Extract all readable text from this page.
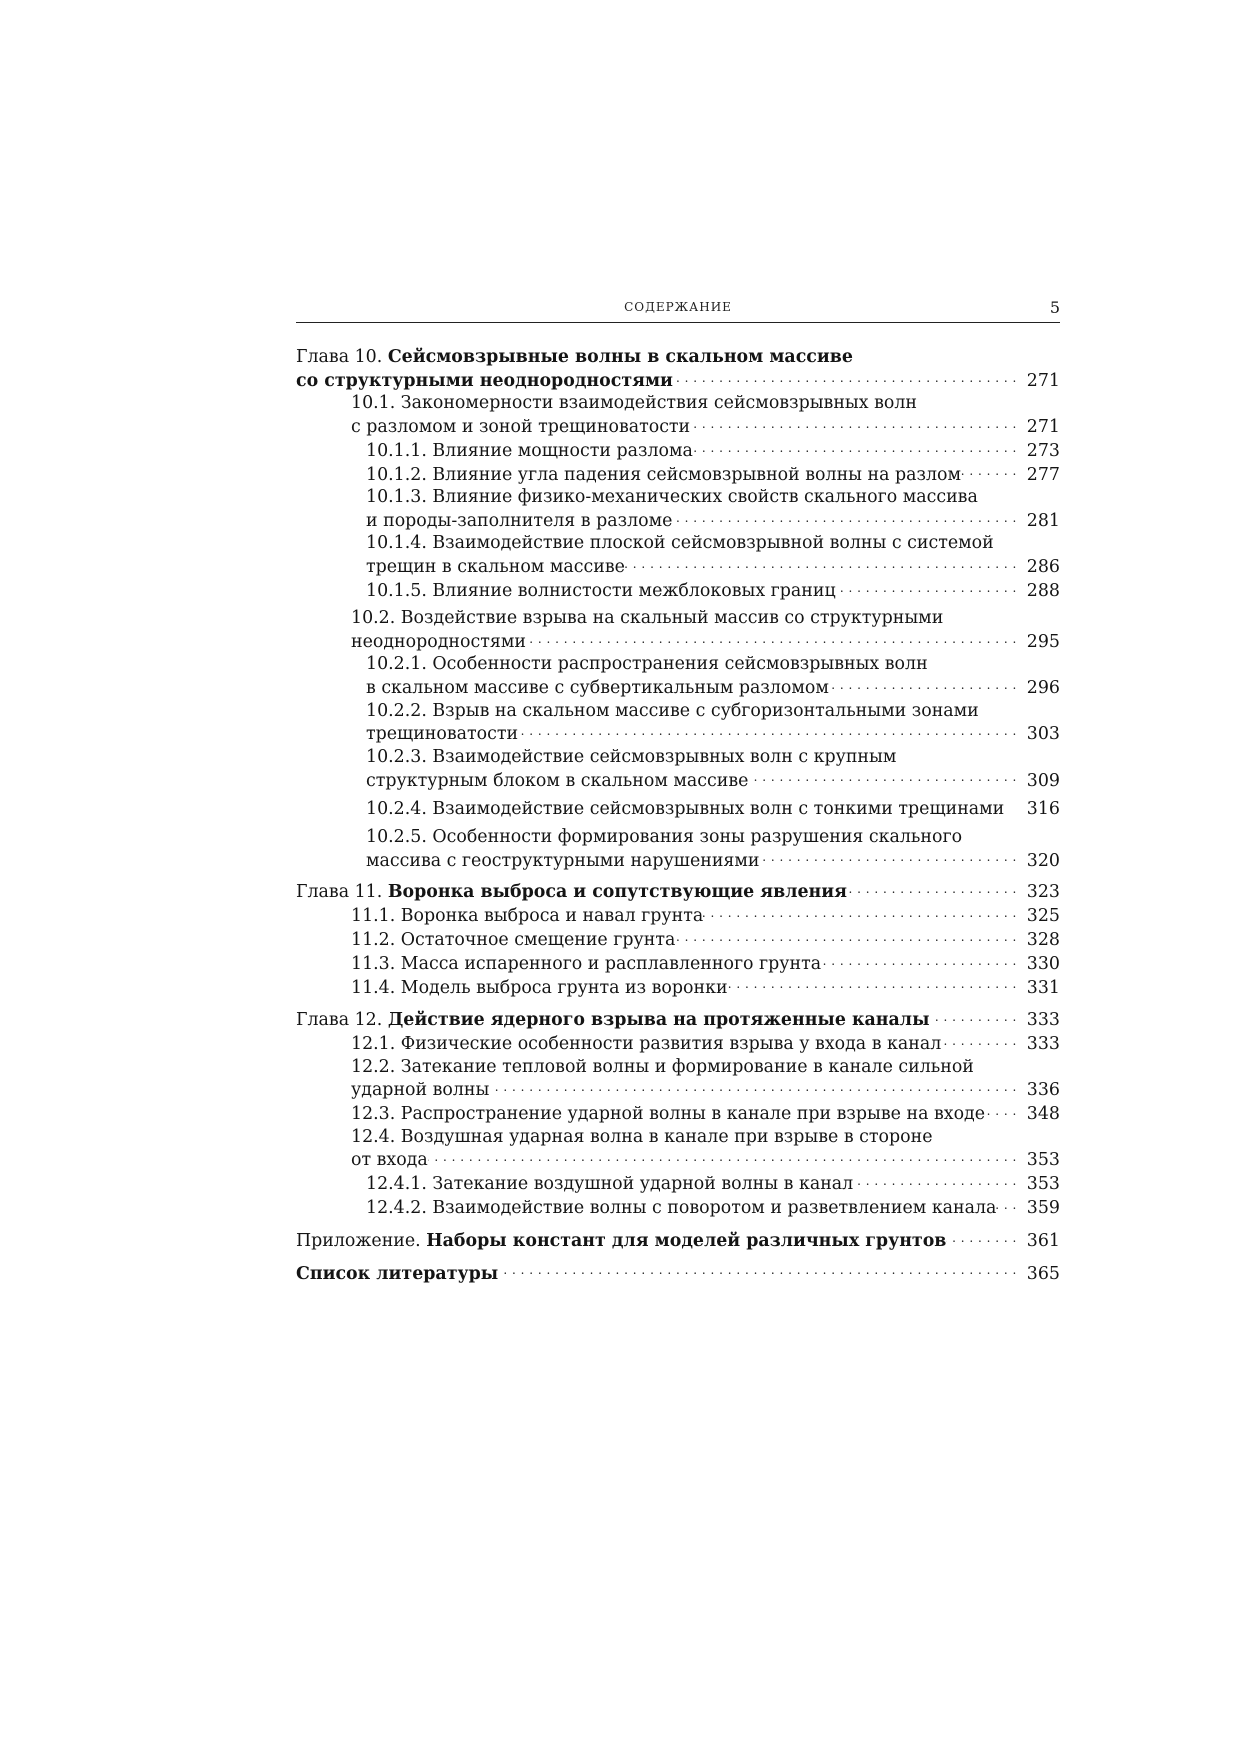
СОДЕРЖАНИЕ	5
Глава 10. Сейсмовзрывные волны в скальном массиве
со структурными неоднородностями . . .	271
10.1. Закономерности взаимодействия сейсмовзрывных волн
с разломом и зоной трещиноватости . . .	271
10.1.1. Влияние мощности разлома . . .	273
10.1.2. Влияние угла падения сейсмовзрывной волны на разлом . . .	277
10.1.3. Влияние физико-механических свойств скального массива
и породы-заполнителя в разломе . . .	281
10.1.4. Взаимодействие плоской сейсмовзрывной волны с системой
трещин в скальном массиве . . .	286
10.1.5. Влияние волнистости межблоковых границ . . .	288
10.2. Воздействие взрыва на скальный массив со структурными
неоднородностями . . .	295
10.2.1. Особенности распространения сейсмовзрывных волн
в скальном массиве с субвертикальным разломом . . .	296
10.2.2. Взрыв на скальном массиве с субгоризонтальными зонами
трещиноватости . . .	303
10.2.3. Взаимодействие сейсмовзрывных волн с крупным
структурным блоком в скальном массиве . . .	309
10.2.4. Взаимодействие сейсмовзрывных волн с тонкими трещинами	316
10.2.5. Особенности формирования зоны разрушения скального
массива с геоструктурными нарушениями . . .	320
Глава 11. Воронка выброса и сопутствующие явления . . .	323
11.1. Воронка выброса и навал грунта . . .	325
11.2. Остаточное смещение грунта . . .	328
11.3. Масса испаренного и расплавленного грунта . . .	330
11.4. Модель выброса грунта из воронки . . .	331
Глава 12. Действие ядерного взрыва на протяженные каналы . . .	333
12.1. Физические особенности развития взрыва у входа в канал . . .	333
12.2. Затекание тепловой волны и формирование в канале сильной
ударной волны . . .	336
12.3. Распространение ударной волны в канале при взрыве на входе . . .	348
12.4. Воздушная ударная волна в канале при взрыве в стороне
от входа . . .	353
12.4.1. Затекание воздушной ударной волны в канал . . .	353
12.4.2. Взаимодействие волны с поворотом и разветвлением канала . . .	359
Приложение. Наборы констант для моделей различных грунтов . . .	361
Список литературы . . .	365
